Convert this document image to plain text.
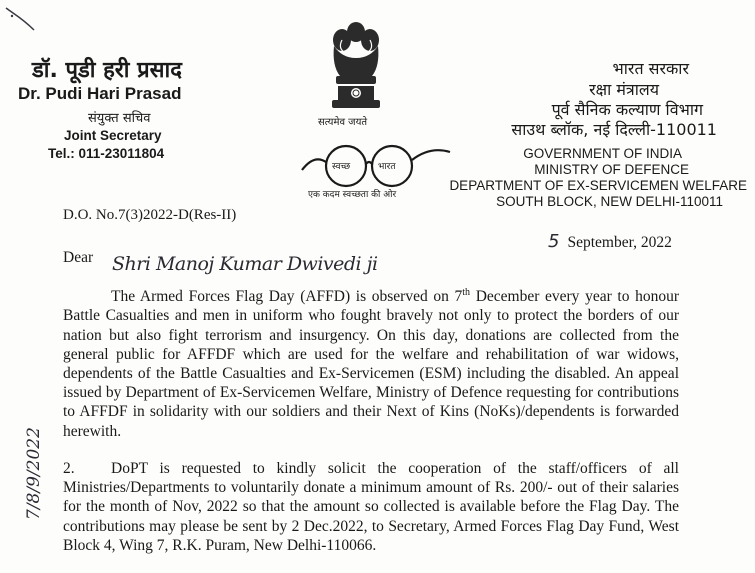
डॉ. पूडी हरी प्रसाद
Dr. Pudi Hari Prasad
संयुक्त सचिव
Joint Secretary
Tel.: 011-23011804
सत्यमेव जयते
स्वच्छ	भारत
एक कदम स्वच्छता की ओर
भारत सरकार
रक्षा मंत्रालय
पूर्व सैनिक कल्याण विभाग
साउथ ब्लॉक, नई दिल्ली-110011
GOVERNMENT OF INDIA
MINISTRY OF DEFENCE
DEPARTMENT OF EX-SERVICEMEN WELFARE
SOUTH BLOCK, NEW DELHI-110011
D.O. No.7(3)2022-D(Res-II)
5 September, 2022
Dear Shri Manoj Kumar Dwivedi ji
The Armed Forces Flag Day (AFFD) is observed on 7th December every year to honour Battle Casualties and men in uniform who fought bravely not only to protect the borders of our nation but also fight terrorism and insurgency. On this day, donations are collected from the general public for AFFDF which are used for the welfare and rehabilitation of war widows, dependents of the Battle Casualties and Ex-Servicemen (ESM) including the disabled. An appeal issued by Department of Ex-Servicemen Welfare, Ministry of Defence requesting for contributions to AFFDF in solidarity with our soldiers and their Next of Kins (NoKs)/dependents is forwarded herewith.
2. DoPT is requested to kindly solicit the cooperation of the staff/officers of all Ministries/Departments to voluntarily donate a minimum amount of Rs. 200/- out of their salaries for the month of Nov, 2022 so that the amount so collected is available before the Flag Day. The contributions may please be sent by 2 Dec.2022, to Secretary, Armed Forces Flag Day Fund, West Block 4, Wing 7, R.K. Puram, New Delhi-110066.
7/8/9/2022
